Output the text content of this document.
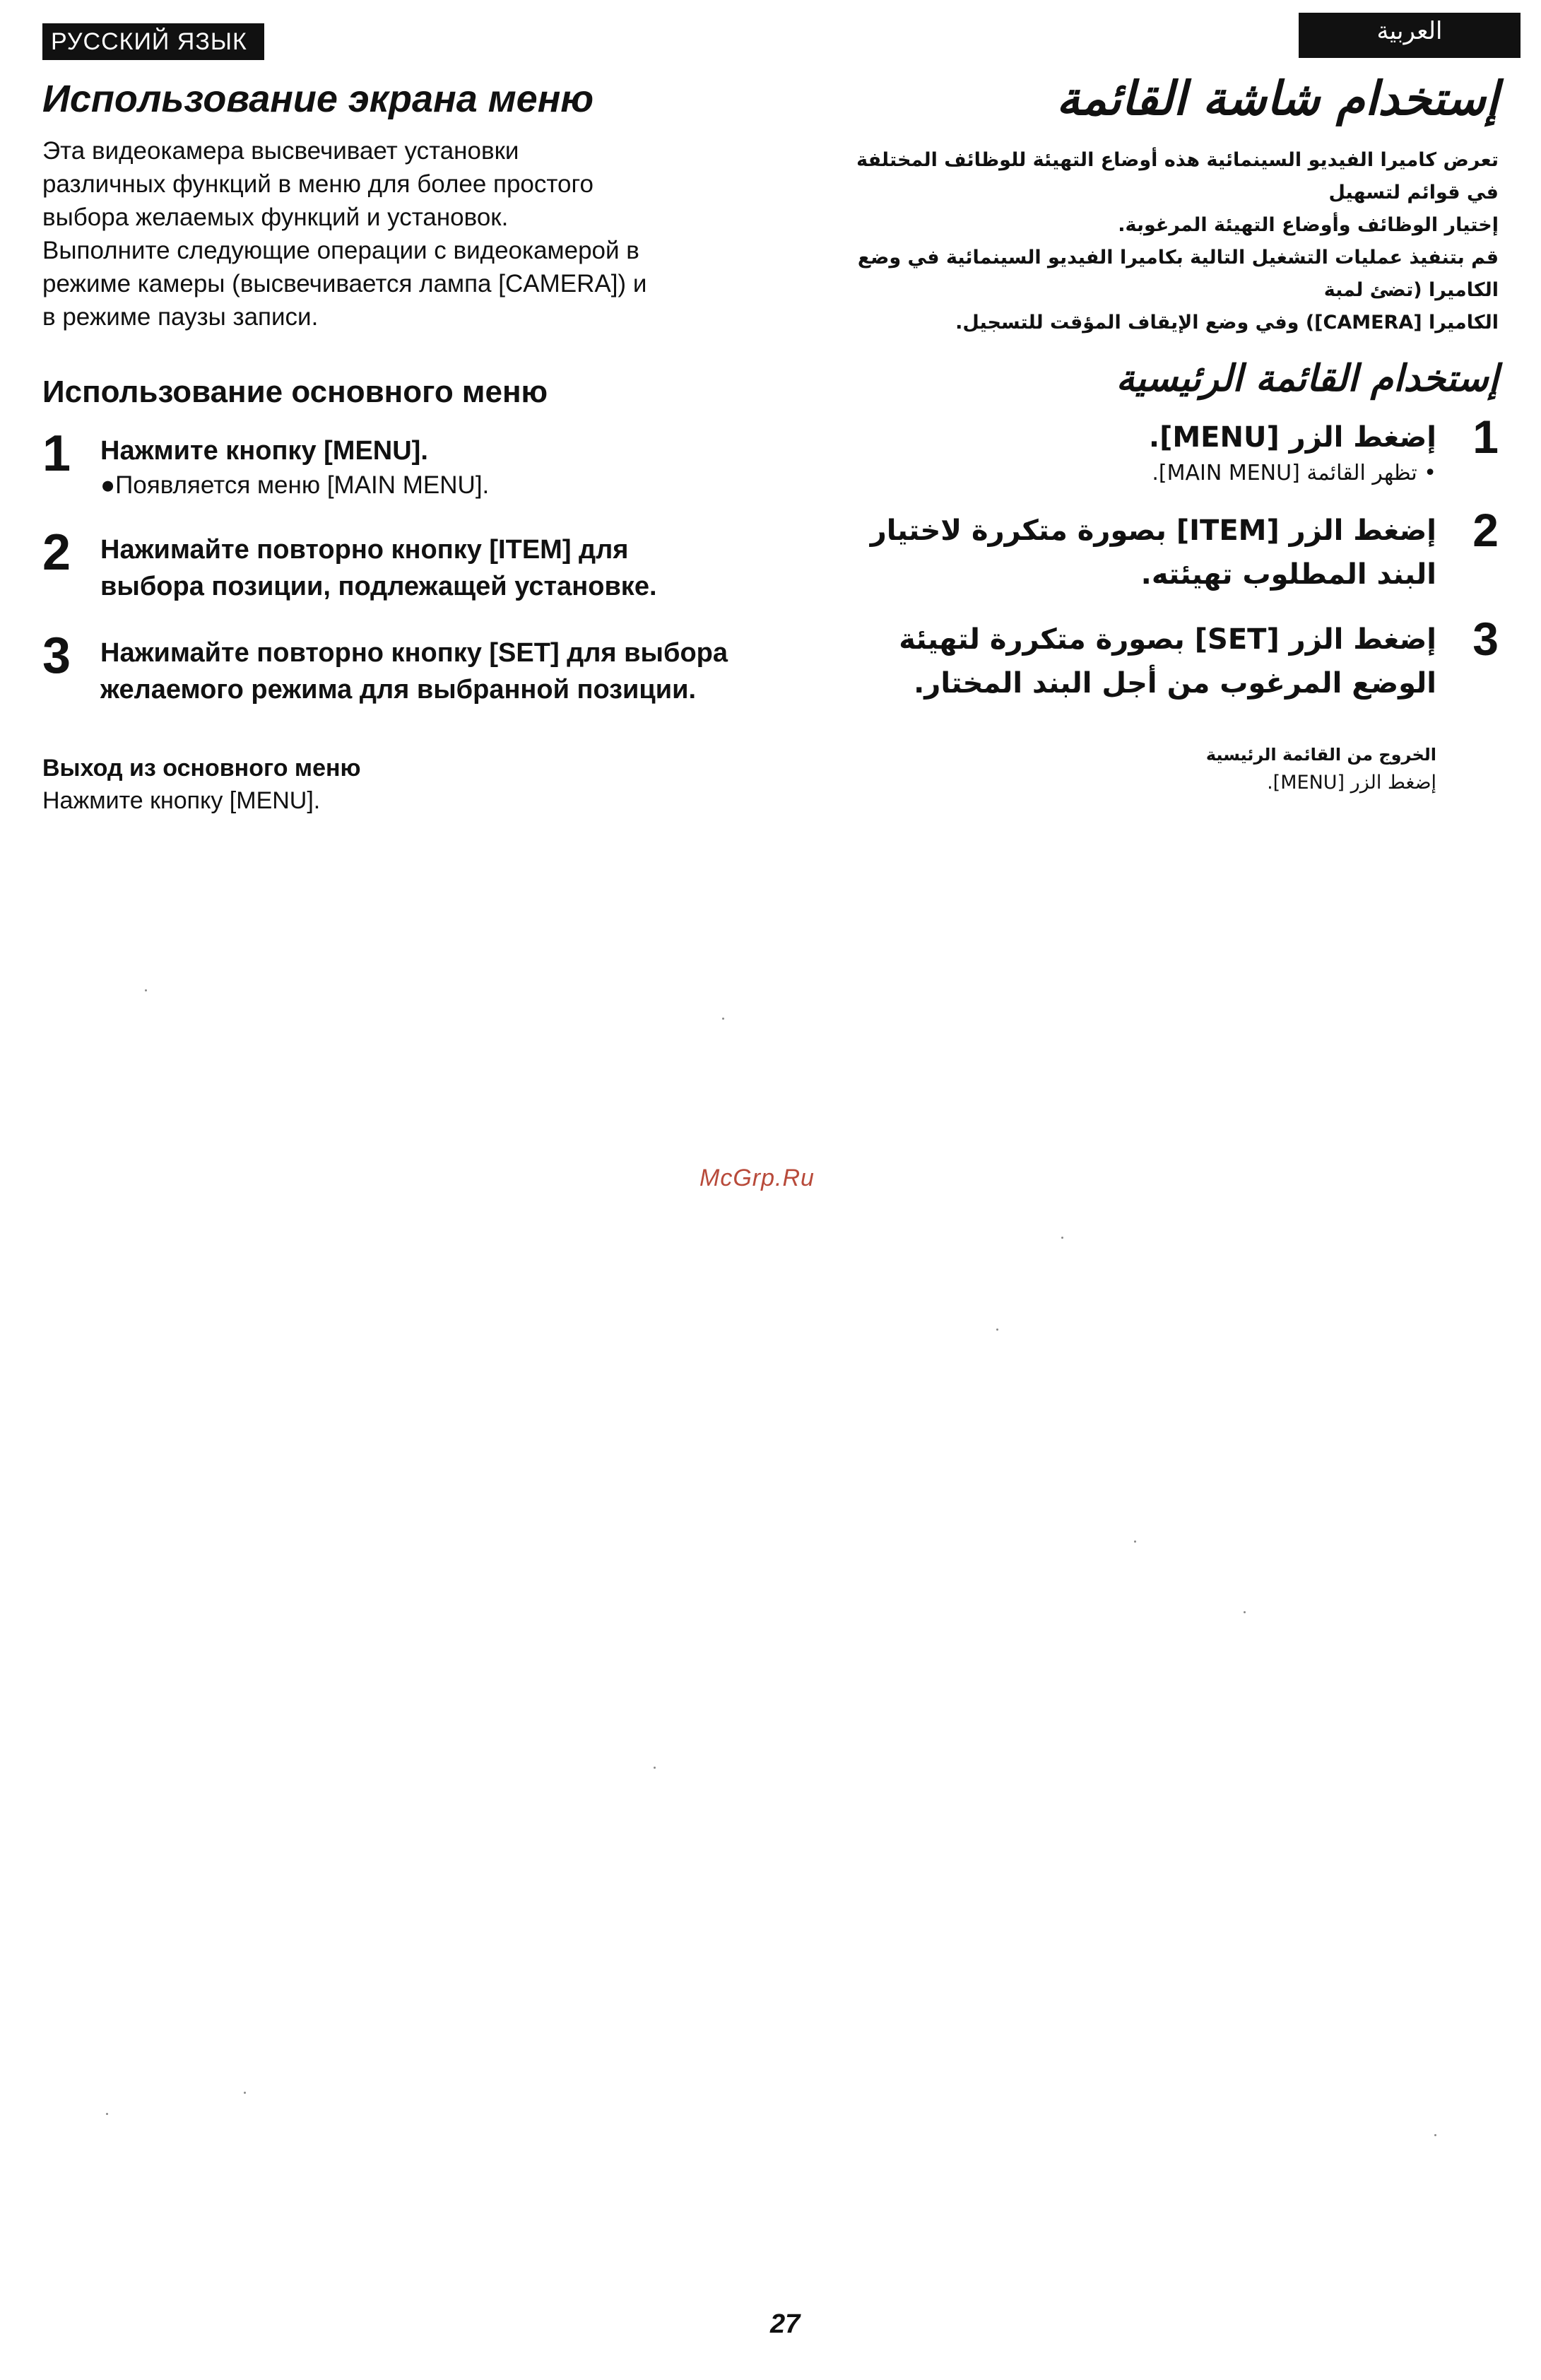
РУССКИЙ ЯЗЫК
Использование экрана меню
Эта видеокамера высвечивает установки
различных функций в меню для более простого
выбора желаемых функций и установок.
Выполните следующие операции с видеокамерой в
режиме камеры (высвечивается лампа [CAMERA]) и
в режиме паузы записи.
Использование основного меню
1 Нажмите кнопку [MENU].
●Появляется меню [MAIN MENU].
2 Нажимайте повторно кнопку [ITEM] для выбора позиции, подлежащей установке.
3 Нажимайте повторно кнопку [SET] для выбора желаемого режима для выбранной позиции.
Выход из основного меню
Нажмите кнопку [MENU].
العربية
إستخدام شاشة القائمة
تعرض كاميرا الفيديو السينمائية هذه أوضاع التهيئة للوظائف المختلفة في قوائم لتسهيل
إختيار الوظائف وأوضاع التهيئة المرغوبة.
قم بتنفيذ عمليات التشغيل التالية بكاميرا الفيديو السينمائية في وضع الكاميرا (تضئ لمبة
الكاميرا [CAMERA]) وفي وضع الإيقاف المؤقت للتسجيل.
إستخدام القائمة الرئيسية
1
إضغط الزر [MENU].
• تظهر القائمة [MAIN MENU].
2
إضغط الزر [ITEM] بصورة متكررة لاختيار البند المطلوب تهيئته.
3
إضغط الزر [SET] بصورة متكررة لتهيئة الوضع المرغوب من أجل البند المختار.
الخروج من القائمة الرئيسية
إضغط الزر [MENU].
McGrp.Ru
27
